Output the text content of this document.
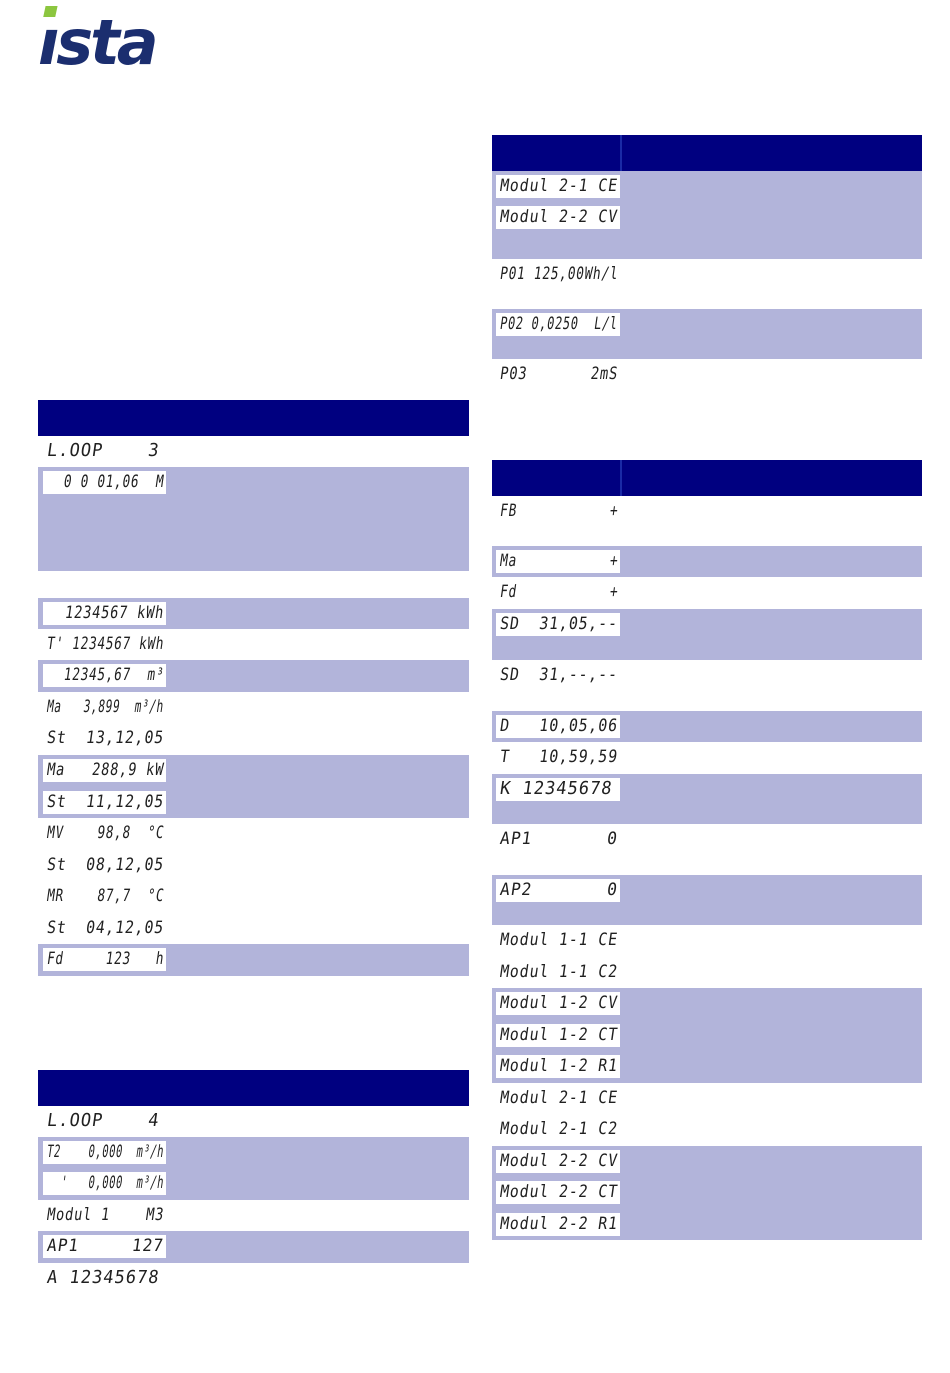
ısta
L.OOP    3
0 0 01,06  M
1234567 kWh
T' 1234567 kWh
12345,67  m³
Ma   3,899  m³/h
St  13,12,05
Ma   288,9 kW
St  11,12,05
MV    98,8  °C
St  08,12,05
MR    87,7  °C
St  04,12,05
Fd     123   h
L.OOP    4
T2    0,000  m³/h
'   0,000  m³/h
Modul 1    M3
AP1     127
A 12345678
Modul 2-1 CE
Modul 2-2 CV
P01 125,00Wh/l
P02 0,0250  L/l
P03       2mS
FB           +
Ma           +
Fd           +
SD  31,05,--
SD  31,--,--
D   10,05,06
T   10,59,59
K 12345678
AP1       0
AP2       0
Modul 1-1 CE
Modul 1-1 C2
Modul 1-2 CV
Modul 1-2 CT
Modul 1-2 R1
Modul 2-1 CE
Modul 2-1 C2
Modul 2-2 CV
Modul 2-2 CT
Modul 2-2 R1
